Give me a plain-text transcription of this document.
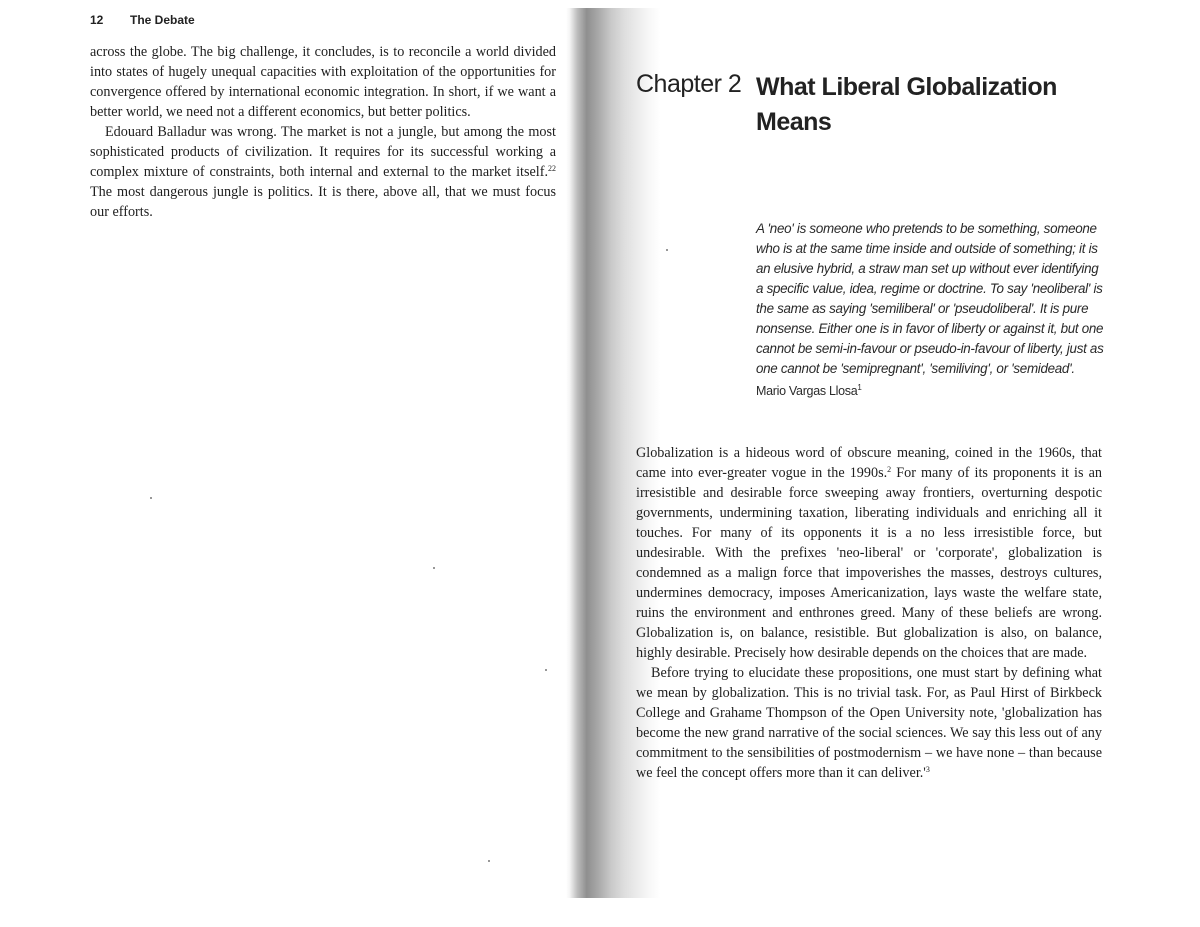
12 The Debate

across the globe. The big challenge, it concludes, is to reconcile a world divided into states of hugely unequal capacities with exploitation of the opportunities for convergence offered by international economic integration. In short, if we want a better world, we need not a different economics, but better politics.

Edouard Balladur was wrong. The market is not a jungle, but among the most sophisticated products of civilization. It requires for its successful working a complex mixture of constraints, both internal and external to the market itself.$^{22}$ The most dangerous jungle is politics. It is there, above all, that we must focus our efforts.

Chapter 2 What Liberal Globalization Means
A 'neo' is someone who pretends to be something, someone who is at the same time inside and outside of something; it is an elusive hybrid, a straw man set up without ever identifying a specific value, idea, regime or doctrine. To say 'neoliberal' is the same as saying 'semiliberal' or 'pseudoliberal'. It is pure nonsense. Either one is in favor of liberty or against it, but one cannot be semi-in-favour or pseudo-in-favour of liberty, just as one cannot be 'semipregnant', 'semiliving', or 'semidead'.
Mario Vargas Llosa$^1$

Globalization is a hideous word of obscure meaning, coined in the 1960s, that came into ever-greater vogue in the 1990s.$^2$ For many of its proponents it is an irresistible and desirable force sweeping away frontiers, overturning despotic governments, undermining taxation, liberating individuals and enriching all it touches. For many of its opponents it is a no less irresistible force, but undesirable. With the prefixes 'neo-liberal' or 'corporate', globalization is condemned as a malign force that impoverishes the masses, destroys cultures, undermines democracy, imposes Americanization, lays waste the welfare state, ruins the environment and enthrones greed. Many of these beliefs are wrong. Globalization is, on balance, resistible. But globalization is also, on balance, highly desirable. Precisely how desirable depends on the choices that are made.

Before trying to elucidate these propositions, one must start by defining what we mean by globalization. This is no trivial task. For, as Paul Hirst of Birkbeck College and Grahame Thompson of the Open University note, 'globalization has become the new grand narrative of the social sciences. We say this less out of any commitment to the sensibilities of postmodernism – we have none – than because we feel the concept offers more than it can $deliver.'^3$
